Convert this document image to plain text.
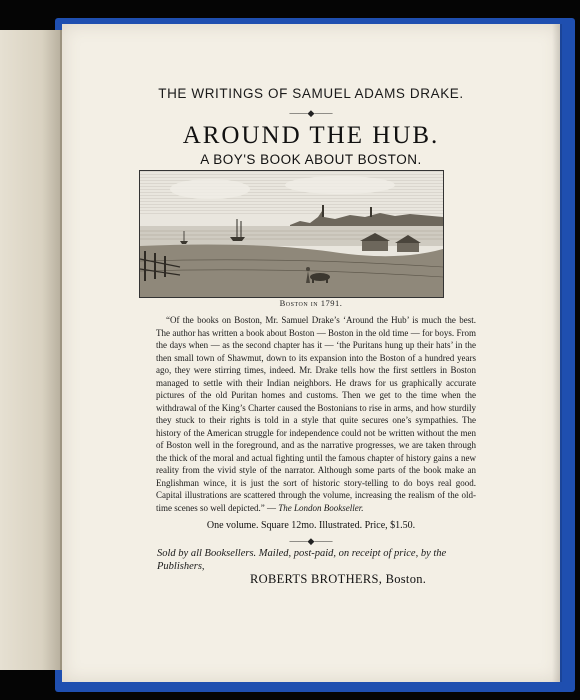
THE WRITINGS OF SAMUEL ADAMS DRAKE.
——◆——
AROUND THE HUB.
A BOY'S BOOK ABOUT BOSTON.
Boston in 1791.

“Of the books on Boston, Mr. Samuel Drake’s ‘Around the Hub’ is much the best. The author has written a book about Boston — Boston in the old time — for boys. From the days when — as the second chapter has it — ‘the Puritans hung up their hats’ in the then small town of Shawmut, down to its expansion into the Boston of a hundred years ago, they were stirring times, indeed. Mr. Drake tells how the first settlers in Boston managed to settle with their Indian neighbors. He draws for us graphically accurate pictures of the old Puritan homes and customs. Then we get to the time when the withdrawal of the King’s Charter caused the Bostonians to rise in arms, and how sturdily they stuck to their rights is told in a style that quite secures one’s sympathies. The history of the American struggle for independence could not be written without the men of Boston well in the foreground, and as the narrative progresses, we are taken through the thick of the moral and actual fighting until the famous chapter of history gains a new reality from the vivid style of the narrator. Although some parts of the book make an Englishman wince, it is just the sort of historic story-telling to do boys real good. Capital illustrations are scattered through the volume, increasing the realism of the old-time scenes so well depicted.” — The London Bookseller.

One volume. Square 12mo. Illustrated. Price, $1.50.
——◆——
Sold by all Booksellers. Mailed, post-paid, on receipt of price, by the Publishers,
ROBERTS BROTHERS, Boston.
